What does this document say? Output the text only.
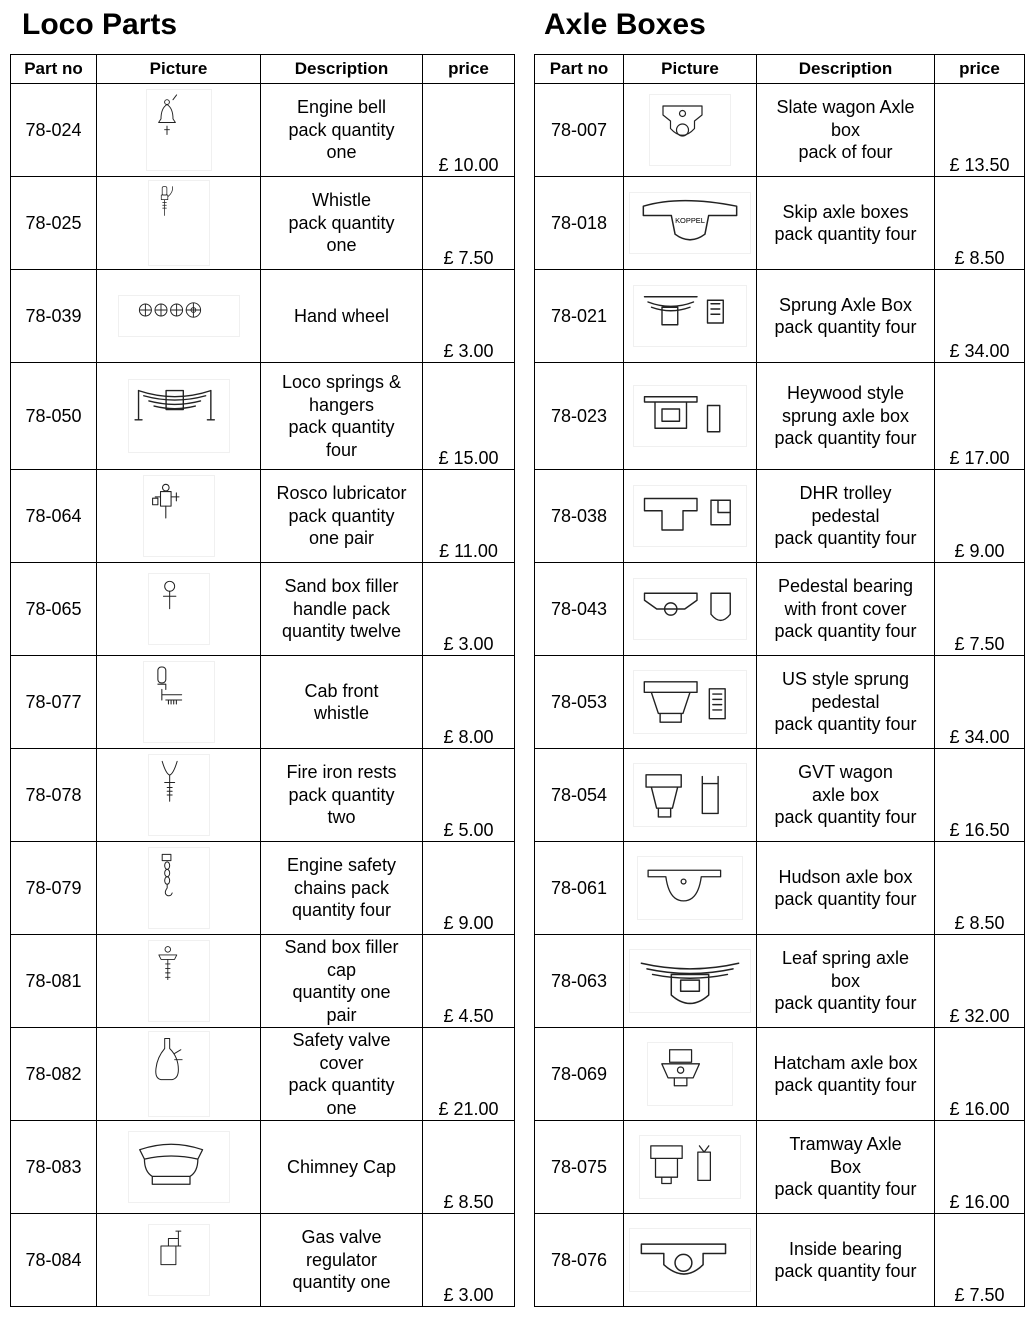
Loco Parts
Part no	Picture	Description	price
78-024		Engine bell
pack quantity
one	£ 10.00
78-025		Whistle
pack quantity
one	£ 7.50
78-039		Hand wheel	£ 3.00
78-050		Loco springs &
hangers
pack quantity
four	£ 15.00
78-064		Rosco lubricator
pack quantity
one pair	£ 11.00
78-065		Sand box filler
handle pack
quantity twelve	£ 3.00
78-077		Cab front
whistle	£ 8.00
78-078		Fire iron rests
pack quantity
two	£ 5.00
78-079		Engine safety
chains pack
quantity four	£ 9.00
78-081		Sand box filler
cap
quantity one
pair	£ 4.50
78-082		Safety valve
cover
pack quantity
one	£ 21.00
78-083		Chimney Cap	£ 8.50
78-084		Gas valve
regulator
quantity one	£ 3.00
Axle Boxes
Part no	Picture	Description	price
78-007		Slate wagon Axle
box
pack of four	£ 13.50
78-018	KOPPEL	Skip axle boxes
pack quantity four	£ 8.50
78-021		Sprung Axle Box
pack quantity four	£ 34.00
78-023		Heywood style
sprung axle box
pack quantity four	£ 17.00
78-038		DHR trolley
pedestal
pack quantity four	£ 9.00
78-043		Pedestal bearing
with front cover
pack quantity four	£ 7.50
78-053		US style sprung
pedestal
pack quantity four	£ 34.00
78-054		GVT wagon
axle box
pack quantity four	£ 16.50
78-061		Hudson axle box
pack quantity four	£ 8.50
78-063		Leaf spring axle
box
pack quantity four	£ 32.00
78-069		Hatcham axle box
pack quantity four	£ 16.00
78-075		Tramway Axle
Box
pack quantity four	£ 16.00
78-076		Inside bearing
pack quantity four	£ 7.50
